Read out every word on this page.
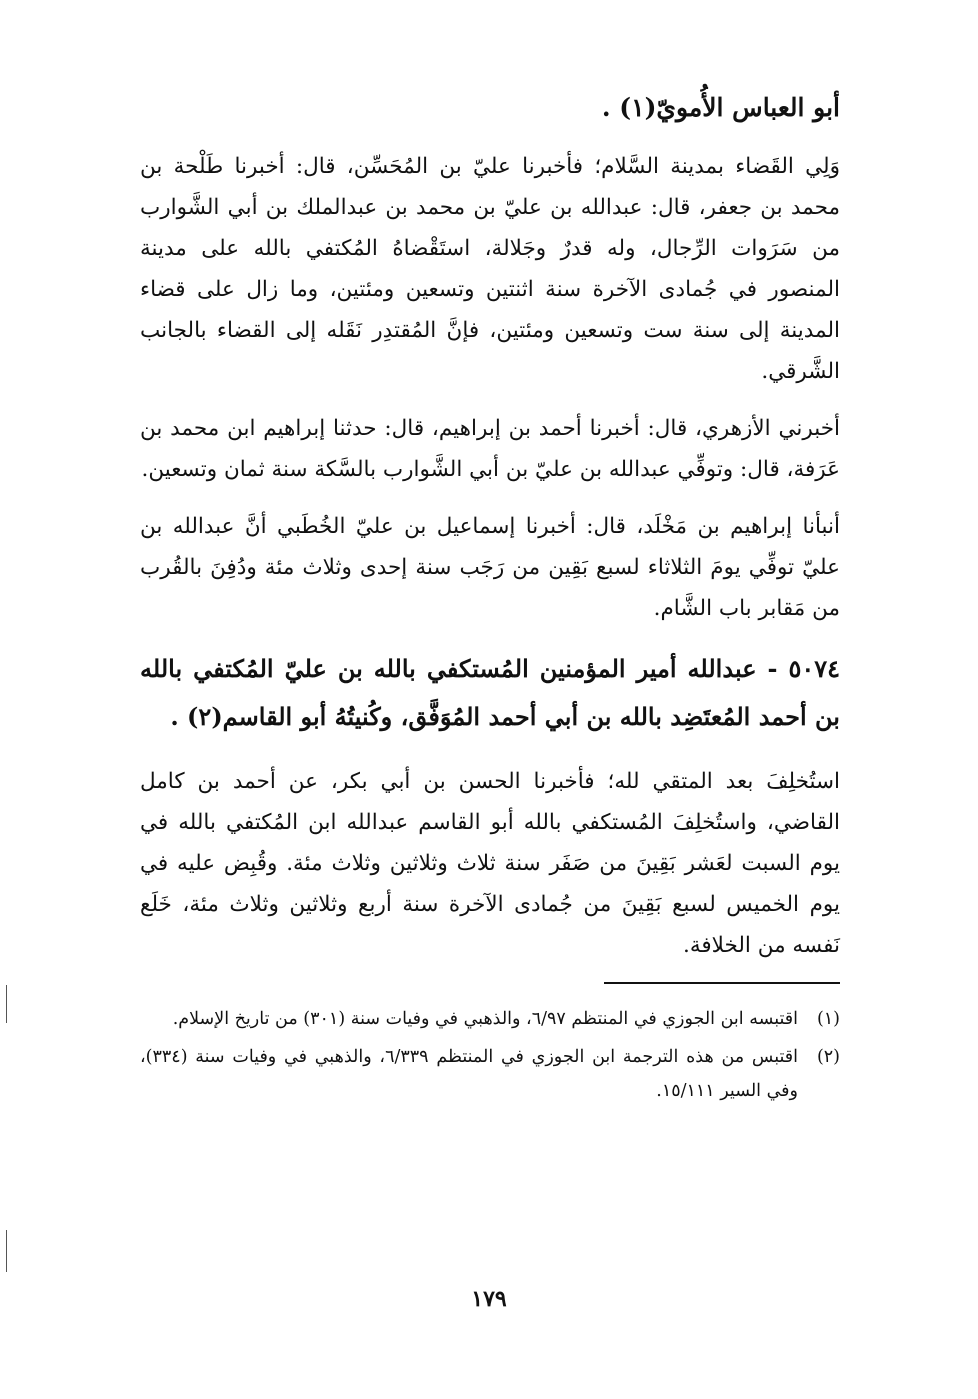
أبو العباس الأُمويّ(١) .

وَلِي القَضاء بمدينة السَّلام؛ فأخبرنا عليّ بن المُحَسِّن، قال: أخبرنا طَلْحة بن محمد بن جعفر، قال: عبدالله بن عليّ بن محمد بن عبدالملك بن أبي الشَّوارب من سَرَوات الرِّجال، وله قدرٌ وجَلالة، استَقْضاهُ المُكتفي بالله على مدينة المنصور في جُمادى الآخرة سنة اثنتين وتسعين ومئتين، وما زال على قضاء المدينة إلى سنة ست وتسعين ومئتين، فإنَّ المُقتدِر نَقَله إلى القضاء بالجانب الشَّرقي.

أخبرني الأزهري، قال: أخبرنا أحمد بن إبراهيم، قال: حدثنا إبراهيم ابن محمد بن عَرَفة، قال: وتوفِّي عبدالله بن عليّ بن أبي الشَّوارب بالسَّكة سنة ثمان وتسعين.

أنبأنا إبراهيم بن مَخْلَد، قال: أخبرنا إسماعيل بن عليّ الخُطَبي أنَّ عبدالله بن عليّ توفِّي يومَ الثلاثاء لسبع بَقِين من رَجَب سنة إحدى وثلاث مئة ودُفِنَ بالقُرب من مَقابر باب الشَّام.

٥٠٧٤ - عبدالله أمير المؤمنين المُستكفي بالله بن عليّ المُكتفي بالله بن أحمد المُعتَضِد بالله بن أبي أحمد المُوَفَّق، وكُنيتُهُ أبو القاسم(٢) .

استُخلِفَ بعد المتقي لله؛ فأخبرنا الحسن بن أبي بكر، عن أحمد بن كامل القاضي، واستُخلِفَ المُستكفي بالله أبو القاسم عبدالله ابن المُكتفي بالله في يوم السبت لعَشر بَقِينَ من صَفَر سنة ثلاث وثلاثين وثلاث مئة. وقُبِض عليه في يوم الخميس لسبع بَقِينَ من جُمادى الآخرة سنة أربع وثلاثين وثلاث مئة، خَلَع نَفسه من الخلافة.

(١)
اقتبسه ابن الجوزي في المنتظم ٦/٩٧، والذهبي في وفيات سنة (٣٠١) من تاريخ الإسلام.
(٢)
اقتبس من هذه الترجمة ابن الجوزي في المنتظم ٦/٣٣٩، والذهبي في وفيات سنة (٣٣٤)، وفي السير ١٥/١١١.
١٧٩
